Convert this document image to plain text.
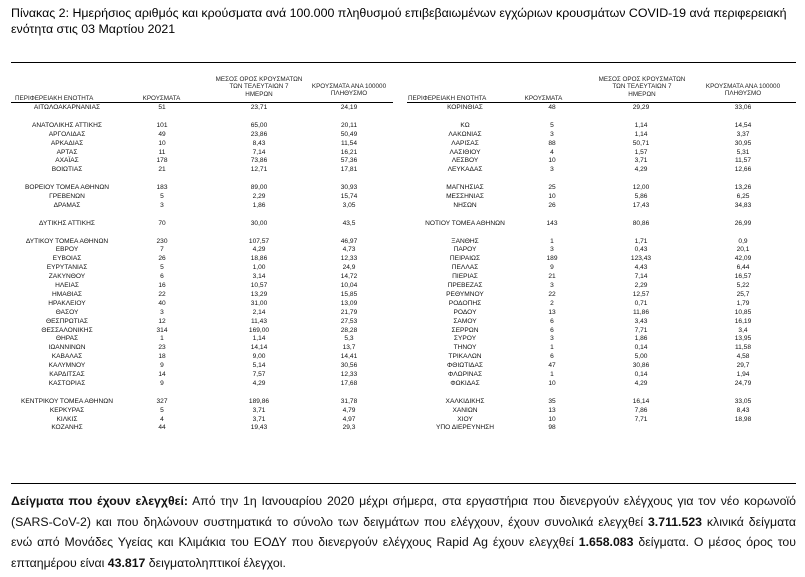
Πίνακας 2: Ημερήσιος αριθμός και κρούσματα ανά 100.000 πληθυσμού επιβεβαιωμένων εγχώριων κρουσμάτων COVID-19 ανά περιφερειακή ενότητα στις 03 Μαρτίου 2021
ΠΕΡΙΦΕΡΕΙΑΚΗ ΕΝΟΤΗΤΑ	ΚΡΟΥΣΜΑΤΑ
ΜΕΣΟΣ ΟΡΟΣ ΚΡΟΥΣΜΑΤΩΝ
ΤΩΝ ΤΕΛΕΥΤΑΙΩΝ 7
ΗΜΕΡΩΝ
ΚΡΟΥΣΜΑΤΑ ΑΝΑ 100000
ΠΛΗΘΥΣΜΟ
ΠΕΡΙΦΕΡΕΙΑΚΗ ΕΝΟΤΗΤΑ	ΚΡΟΥΣΜΑΤΑ
ΜΕΣΟΣ ΟΡΟΣ ΚΡΟΥΣΜΑΤΩΝ
ΤΩΝ ΤΕΛΕΥΤΑΙΩΝ 7
ΗΜΕΡΩΝ
ΚΡΟΥΣΜΑΤΑ ΑΝΑ 100000
ΠΛΗΘΥΣΜΟ
ΑΙΤΩΛΟΑΚΑΡΝΑΝΙΑΣ	51	23,71	24,19
ΑΝΑΤΟΛΙΚΗΣ ΑΤΤΙΚΗΣ	101	65,00	20,11
ΑΡΓΟΛΙΔΑΣ	49	23,86	50,49
ΑΡΚΑΔΙΑΣ	10	8,43	11,54
ΑΡΤΑΣ	11	7,14	16,21
ΑΧΑΪΑΣ	178	73,86	57,36
ΒΟΙΩΤΙΑΣ	21	12,71	17,81
ΒΟΡΕΙΟΥ ΤΟΜΕΑ ΑΘΗΝΩΝ	183	89,00	30,93
ΓΡΕΒΕΝΩΝ	5	2,29	15,74
ΔΡΑΜΑΣ	3	1,86	3,05
ΔΥΤΙΚΗΣ ΑΤΤΙΚΗΣ	70	30,00	43,5
ΔΥΤΙΚΟΥ ΤΟΜΕΑ ΑΘΗΝΩΝ	230	107,57	46,97
ΕΒΡΟΥ	7	4,29	4,73
ΕΥΒΟΙΑΣ	26	18,86	12,33
ΕΥΡΥΤΑΝΙΑΣ	5	1,00	24,9
ΖΑΚΥΝΘΟΥ	6	3,14	14,72
ΗΛΕΙΑΣ	16	10,57	10,04
ΗΜΑΘΙΑΣ	22	13,29	15,85
ΗΡΑΚΛΕΙΟΥ	40	31,00	13,09
ΘΑΣΟΥ	3	2,14	21,79
ΘΕΣΠΡΩΤΙΑΣ	12	11,43	27,53
ΘΕΣΣΑΛΟΝΙΚΗΣ	314	169,00	28,28
ΘΗΡΑΣ	1	1,14	5,3
ΙΩΑΝΝΙΝΩΝ	23	14,14	13,7
ΚΑΒΑΛΑΣ	18	9,00	14,41
ΚΑΛΥΜΝΟΥ	9	5,14	30,56
ΚΑΡΔΙΤΣΑΣ	14	7,57	12,33
ΚΑΣΤΟΡΙΑΣ	9	4,29	17,68
ΚΕΝΤΡΙΚΟΥ ΤΟΜΕΑ ΑΘΗΝΩΝ	327	189,86	31,78
ΚΕΡΚΥΡΑΣ	5	3,71	4,79
ΚΙΛΚΙΣ	4	3,71	4,97
ΚΟΖΑΝΗΣ	44	19,43	29,3
ΚΟΡΙΝΘΙΑΣ	48	29,29	33,06
ΚΩ	5	1,14	14,54
ΛΑΚΩΝΙΑΣ	3	1,14	3,37
ΛΑΡΙΣΑΣ	88	50,71	30,95
ΛΑΣΙΘΙΟΥ	4	1,57	5,31
ΛΕΣΒΟΥ	10	3,71	11,57
ΛΕΥΚΑΔΑΣ	3	4,29	12,66
ΜΑΓΝΗΣΙΑΣ	25	12,00	13,26
ΜΕΣΣΗΝΙΑΣ	10	5,86	6,25
ΝΗΣΩΝ	26	17,43	34,83
ΝΟΤΙΟΥ ΤΟΜΕΑ ΑΘΗΝΩΝ	143	80,86	26,99
ΞΑΝΘΗΣ	1	1,71	0,9
ΠΑΡΟΥ	3	0,43	20,1
ΠΕΙΡΑΙΩΣ	189	123,43	42,09
ΠΕΛΛΑΣ	9	4,43	6,44
ΠΙΕΡΙΑΣ	21	7,14	16,57
ΠΡΕΒΕΖΑΣ	3	2,29	5,22
ΡΕΘΥΜΝΟΥ	22	12,57	25,7
ΡΟΔΟΠΗΣ	2	0,71	1,79
ΡΟΔΟΥ	13	11,86	10,85
ΣΑΜΟΥ	6	3,43	16,19
ΣΕΡΡΩΝ	6	7,71	3,4
ΣΥΡΟΥ	3	1,86	13,95
ΤΗΝΟΥ	1	0,14	11,58
ΤΡΙΚΑΛΩΝ	6	5,00	4,58
ΦΘΙΩΤΙΔΑΣ	47	30,86	29,7
ΦΛΩΡΙΝΑΣ	1	0,14	1,94
ΦΩΚΙΔΑΣ	10	4,29	24,79
ΧΑΛΚΙΔΙΚΗΣ	35	16,14	33,05
ΧΑΝΙΩΝ	13	7,86	8,43
ΧΙΟΥ	10	7,71	18,98
ΥΠΟ ΔΙΕΡΕΥΝΗΣΗ	98
Δείγματα που έχουν ελεγχθεί: Από την 1η Ιανουαρίου 2020 μέχρι σήμερα, στα εργαστήρια που διενεργούν ελέγχους για τον νέο κορωνοϊό (SARS-CoV-2) και που δηλώνουν συστηματικά το σύνολο των δειγμάτων που ελέγχουν, έχουν συνολικά ελεγχθεί 3.711.523 κλινικά δείγματα ενώ από Μονάδες Υγείας και Κλιμάκια του ΕΟΔΥ που διενεργούν ελέγχους Rapid Ag έχουν ελεγχθεί 1.658.083 δείγματα. Ο μέσος όρος του επταημέρου είναι 43.817 δειγματοληπτικοί έλεγχοι.
